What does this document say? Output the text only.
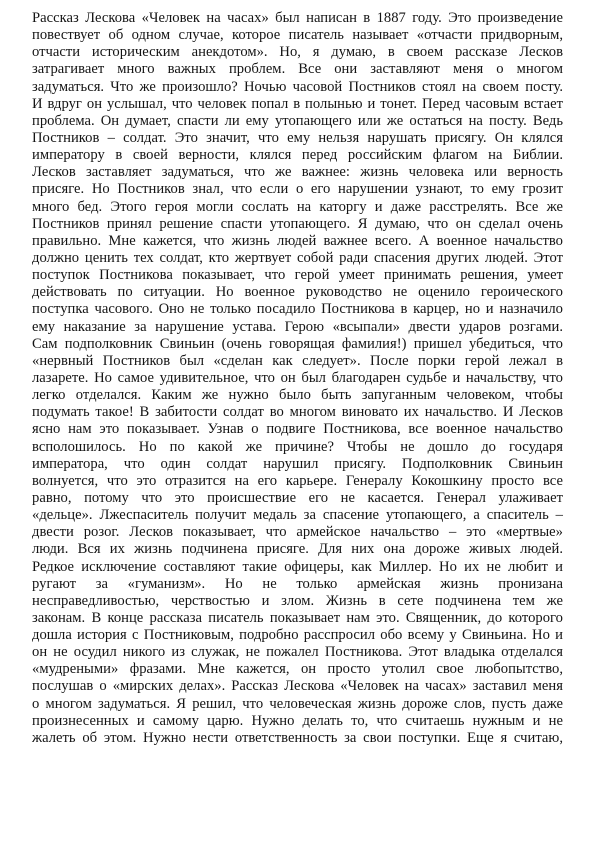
Рассказ Лескова «Человек на часах» был написан в 1887 году. Это произведение
повествует об одном случае, которое писатель называет «отчасти придворным,
отчасти историческим анекдотом». Но, я думаю, в своем рассказе Лесков
затрагивает много важных проблем. Все они заставляют меня о многом
задуматься. Что же произошло? Ночью часовой Постников стоял на своем посту.
И вдруг он услышал, что человек попал в полынью и тонет. Перед часовым встает
проблема. Он думает, спасти ли ему утопающего или же остаться на посту. Ведь
Постников – солдат. Это значит, что ему нельзя нарушать присягу. Он клялся
императору в своей верности, клялся перед российским флагом на Библии.
Лесков заставляет задуматься, что же важнее: жизнь человека или верность
присяге. Но Постников знал, что если о его нарушении узнают, то ему грозит
много бед. Этого героя могли сослать на каторгу и даже расстрелять. Все же
Постников принял решение спасти утопающего. Я думаю, что он сделал очень
правильно. Мне кажется, что жизнь людей важнее всего. А военное начальство
должно ценить тех солдат, кто жертвует собой ради спасения других людей. Этот
поступок Постникова показывает, что герой умеет принимать решения, умеет
действовать по ситуации. Но военное руководство не оценило героического
поступка часового. Оно не только посадило Постникова в карцер, но и назначило
ему наказание за нарушение устава. Герою «всыпали» двести ударов розгами.
Сам подполковник Свиньин (очень говорящая фамилия!) пришел убедиться, что
«нервный Постников был «сделан как следует». После порки герой лежал в
лазарете. Но самое удивительное, что он был благодарен судьбе и начальству, что
легко отделался. Каким же нужно было быть запуганным человеком, чтобы
подумать такое! В забитости солдат во многом виновато их начальство. И Лесков
ясно нам это показывает. Узнав о подвиге Постникова, все военное начальство
всполошилось. Но по какой же причине? Чтобы не дошло до государя
императора, что один солдат нарушил присягу. Подполковник Свиньин
волнуется, что это отразится на его карьере. Генералу Кокошкину просто все
равно, потому что это происшествие его не касается. Генерал улаживает
«дельце». Лжеспаситель получит медаль за спасение утопающего, а спаситель –
двести розог. Лесков показывает, что армейское начальство – это «мертвые»
люди. Вся их жизнь подчинена присяге. Для них она дороже живых людей.
Редкое исключение составляют такие офицеры, как Миллер. Но их не любит и
ругают за «гуманизм». Но не только армейская жизнь пронизана
несправедливостью, черствостью и злом. Жизнь в сете подчинена тем же
законам. В конце рассказа писатель показывает нам это. Священник, до которого
дошла история с Постниковым, подробно расспросил обо всему у Свиньина. Но и
он не осудил никого из служак, не пожалел Постникова. Этот владыка отделался
«мудреными» фразами. Мне кажется, он просто утолил свое любопытство,
послушав о «мирских делах». Рассказ Лескова «Человек на часах» заставил меня
о многом задуматься. Я решил, что человеческая жизнь дороже слов, пусть даже
произнесенных и самому царю. Нужно делать то, что считаешь нужным и не
жалеть об этом. Нужно нести ответственность за свои поступки. Еще я считаю,
